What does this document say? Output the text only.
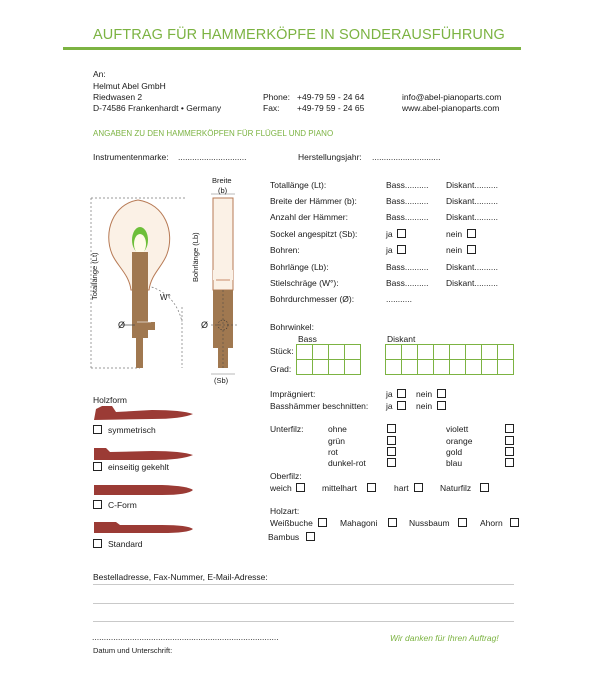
AUFTRAG FÜR HAMMERKÖPFE IN SONDERAUSFÜHRUNG
An:
Helmut Abel GmbH
Riedwasen 2
D-74586 Frankenhardt • Germany
Phone: +49-79 59 - 24 64
Fax: +49-79 59 - 24 65
info@abel-pianoparts.com
www.abel-pianoparts.com
ANGABEN ZU DEN HAMMERKÖPFEN FÜR FLÜGEL UND PIANO
Instrumentenmarke: .............................	Herstellungsjahr: .............................
Breite
(b)
Totallänge (Lt)	Bohrlänge (Lb)
W°
Ø	Ø
(Sb)
Totallänge (Lt):	Bass.......... Diskant..........
Breite der Hämmer (b):	Bass.......... Diskant..........
Anzahl der Hämmer:	Bass.......... Diskant..........
Sockel angespitzt (Sb):	ja	nein
Bohren:	ja	nein
Bohrlänge (Lb):	Bass.......... Diskant..........
Stielschräge (W°):	Bass.......... Diskant..........
Bohrdurchmesser (Ø):	...........
Bohrwinkel:
Bass	Diskant
Stück:
Grad:

Imprägniert:	ja	nein
Basshämmer beschnitten: ja	nein
Holzform
symmetrisch
einseitig gekehlt
C-Form
Standard
Unterfilz:	ohne
grün
rot
dunkel-rot
violett
orange
gold
blau
Oberfilz:
weich	mittelhart	hart	Naturfilz
Holzart:
Weißbuche	Mahagoni	Nussbaum	Ahorn
Bambus
Bestelladresse, Fax-Nummer, E-Mail-Adresse:
...............................................................................
Datum und Unterschrift:
Wir danken für Ihren Auftrag!
